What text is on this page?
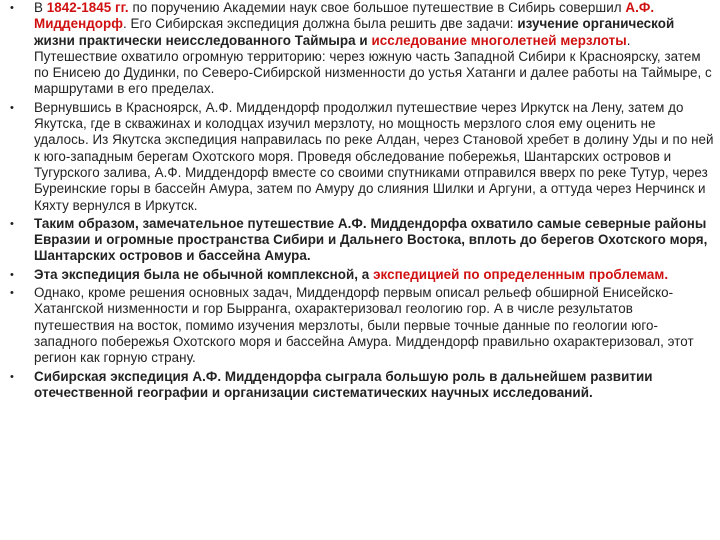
• В 1842-1845 гг. по поручению Академии наук свое большое путешествие в Сибирь совершил А.Ф. Миддендорф. Его Сибирская экспедиция должна была решить две задачи: изучение органической жизни практически неисследованного Таймыра и исследование многолетней мерзлоты. Путешествие охватило огромную территорию: через южную часть Западной Сибири к Красноярску, затем по Енисею до Дудинки, по Северо-Сибирской низменности до устья Хатанги и далее работы на Таймыре, с маршрутами в его пределах.
• Вернувшись в Красноярск, А.Ф. Миддендорф продолжил путешествие через Иркутск на Лену, затем до Якутска, где в скважинах и колодцах изучил мерзлоту, но мощность мерзлого слоя ему оценить не удалось. Из Якутска экспедиция направилась по реке Алдан, через Становой хребет в долину Уды и по ней к юго-западным берегам Охотского моря. Проведя обследование побережья, Шантарских островов и Тугурского залива, А.Ф. Миддендорф вместе со своими спутниками отправился вверх по реке Тутур, через Буреинские горы в бассейн Амура, затем по Амуру до слияния Шилки и Аргуни, а оттуда через Нерчинск и Кяхту вернулся в Иркутск.
• Таким образом, замечательное путешествие А.Ф. Миддендорфа охватило самые северные районы Евразии и огромные пространства Сибири и Дальнего Востока, вплоть до берегов Охотского моря, Шантарских островов и бассейна Амура.
• Эта экспедиция была не обычной комплексной, а экспедицией по определенным проблемам.
• Однако, кроме решения основных задач, Миддендорф первым описал рельеф обширной Енисейско-Хатангской низменности и гор Бырранга, охарактеризовал геологию гор. А в числе результатов путешествия на восток, помимо изучения мерзлоты, были первые точные данные по геологии юго-западного побережья Охотского моря и бассейна Амура. Миддендорф правильно охарактеризовал, этот регион как горную страну.
• Сибирская экспедиция А.Ф. Миддендорфа сыграла большую роль в дальнейшем развитии отечественной географии и организации систематических научных исследований.
